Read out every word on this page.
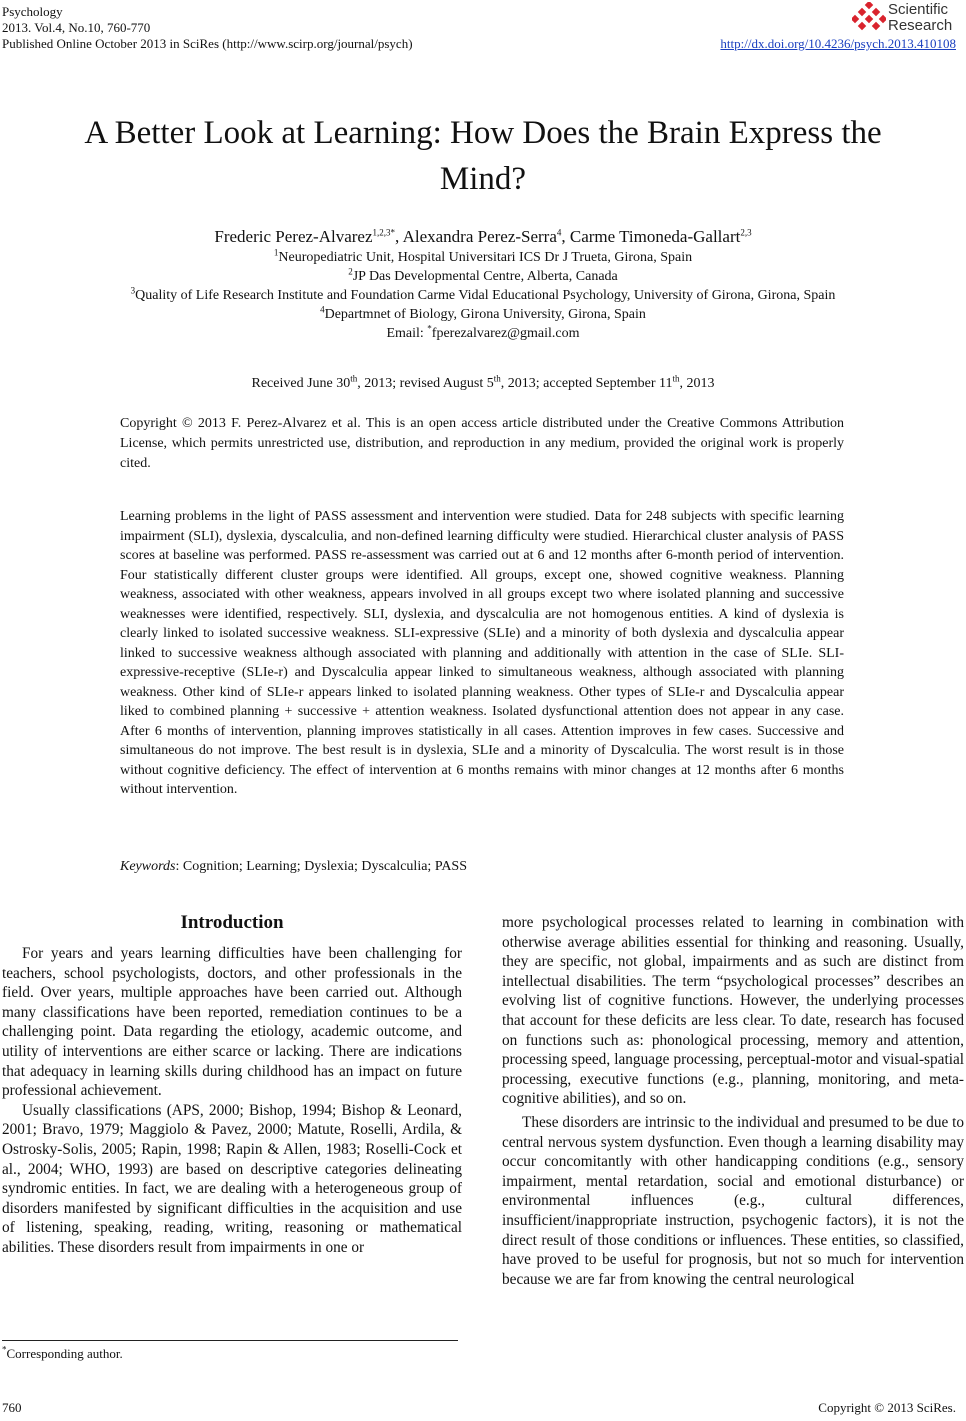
Psychology
2013. Vol.4, No.10, 760-770
Published Online October 2013 in SciRes (http://www.scirp.org/journal/psych)	http://dx.doi.org/10.4236/psych.2013.410108
Scientific
Research
A Better Look at Learning: How Does the Brain Express the Mind?
Frederic Perez-Alvarez$^{1,2,3*}$, Alexandra Perez-Serra$^4$, Carme Timoneda-Gallart$^{2,3}$
$^1$Neuropediatric Unit, Hospital Universitari ICS Dr J Trueta, Girona, Spain
$^2$JP Das Developmental Centre, Alberta, Canada
$^3$Quality of Life Research Institute and Foundation Carme Vidal Educational Psychology, University of Girona, Girona, Spain
$^4$Departmnet of Biology, Girona University, Girona, Spain
Email: *fperezalvarez@gmail.com
Received June 30th, 2013; revised August 5th, 2013; accepted September 11th, 2013
Copyright © 2013 F. Perez-Alvarez et al. This is an open access article distributed under the Creative Commons Attribution License, which permits unrestricted use, distribution, and reproduction in any medium, provided the original work is properly cited.
Learning problems in the light of PASS assessment and intervention were studied. Data for 248 subjects with specific learning impairment (SLI), dyslexia, dyscalculia, and non-defined learning difficulty were studied. Hierarchical cluster analysis of PASS scores at baseline was performed. PASS re-assessment was carried out at 6 and 12 months after 6-month period of intervention. Four statistically different cluster groups were identified. All groups, except one, showed cognitive weakness. Planning weakness, associated with other weakness, appears involved in all groups except two where isolated planning and successive weaknesses were identified, respectively. SLI, dyslexia, and dyscalculia are not homogenous entities. A kind of dyslexia is clearly linked to isolated successive weakness. SLI-expressive (SLIe) and a minority of both dyslexia and dyscalculia appear linked to successive weakness although associated with planning and additionally with attention in the case of SLIe. SLI-expressive-receptive (SLIe-r) and Dyscalculia appear linked to simultaneous weakness, although associated with planning weakness. Other kind of SLIe-r appears linked to isolated planning weakness. Other types of SLIe-r and Dyscalculia appear liked to combined planning + successive + attention weakness. Isolated dysfunctional attention does not appear in any case. After 6 months of intervention, planning improves statistically in all cases. Attention improves in few cases. Successive and simultaneous do not improve. The best result is in dyslexia, SLIe and a minority of Dyscalculia. The worst result is in those without cognitive deficiency. The effect of intervention at 6 months remains with minor changes at 12 months after 6 months without intervention.
Keywords: Cognition; Learning; Dyslexia; Dyscalculia; PASS
Introduction

For years and years learning difficulties have been challenging for teachers, school psychologists, doctors, and other professionals in the field. Over years, multiple approaches have been carried out. Although many classifications have been reported, remediation continues to be a challenging point. Data regarding the etiology, academic outcome, and utility of interventions are either scarce or lacking. There are indications that adequacy in learning skills during childhood has an impact on future professional achievement.

Usually classifications (APS, 2000; Bishop, 1994; Bishop & Leonard, 2001; Bravo, 1979; Maggiolo & Pavez, 2000; Matute, Roselli, Ardila, & Ostrosky-Solis, 2005; Rapin, 1998; Rapin & Allen, 1983; Roselli-Cock et al., 2004; WHO, 1993) are based on descriptive categories delineating syndromic entities. In fact, we are dealing with a heterogeneous group of disorders manifested by significant difficulties in the acquisition and use of listening, speaking, reading, writing, reasoning or mathematical abilities. These disorders result from impairments in one or

more psychological processes related to learning in combination with otherwise average abilities essential for thinking and reasoning. Usually, they are specific, not global, impairments and as such are distinct from intellectual disabilities. The term “psychological processes” describes an evolving list of cognitive functions. However, the underlying processes that account for these deficits are less clear. To date, research has focused on functions such as: phonological processing, memory and attention, processing speed, language processing, perceptual-motor and visual-spatial processing, executive functions (e.g., planning, monitoring, and meta-cognitive abilities), and so on.

These disorders are intrinsic to the individual and presumed to be due to central nervous system dysfunction. Even though a learning disability may occur concomitantly with other handicapping conditions (e.g., sensory impairment, mental retardation, social and emotional disturbance) or environmental influences (e.g., cultural differences, insufficient/inappropriate instruction, psychogenic factors), it is not the direct result of those conditions or influences. These entities, so classified, have proved to be useful for prognosis, but not so much for intervention because we are far from knowing the central neurological

*Corresponding author.
760	Copyright © 2013 SciRes.
